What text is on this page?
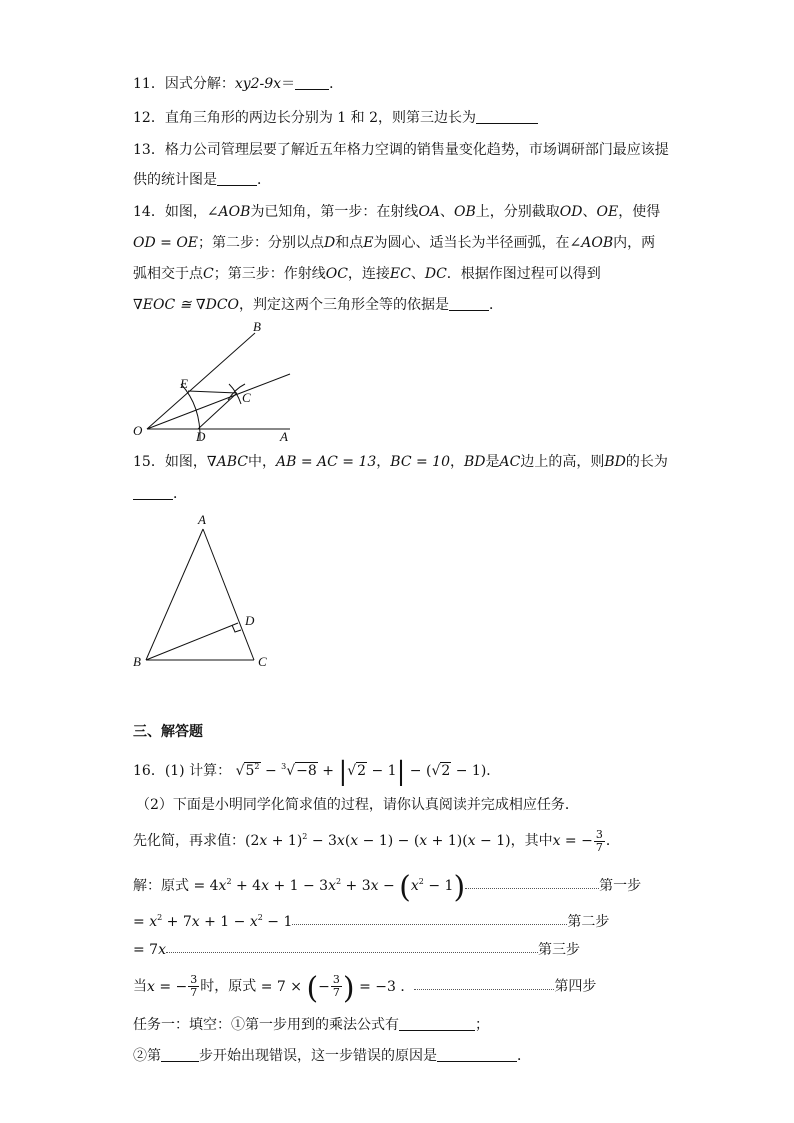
11．因式分解：xy2-9x＝ ．
12．直角三角形的两边长分别为 1 和 2，则第三边长为
13．格力公司管理层要了解近五年格力空调的销售量变化趋势，市场调研部门最应该提
供的统计图是	．
14．如图，∠AOB为已知角，第一步：在射线OA、OB上，分别截取OD、OE，使得
OD = OE；第二步：分别以点D和点E为圆心、适当长为半径画弧，在∠AOB内，两
弧相交于点C；第三步：作射线OC，连接EC、DC．根据作图过程可以得到
∇EOC ≅ ∇DCO，判定这两个三角形全等的依据是	．
B
E
C
O	D	A
15．如图，∇ABC中，AB = AC = 13，BC = 10，BD是AC边上的高，则BD的长为
．
A
D
B	C
三、解答题
16．(1) 计算： $√5^2 - ^3√-8 + |√2 - 1| - (√2 - 1)$．
（2）下面是小明同学化简求值的过程，请你认真阅读并完成相应任务．
先化简，再求值：$(2x + 1)^2 - 3x(x - 1) - (x + 1)(x - 1)$，其中x = − $\frac{3}{7}$ ．
解：原式 = $4x^2 + 4x + 1 - 3x^2 + 3x - (x^2 - 1)$	第一步
= $x^2 + 7x + 1 - x^2 - 1$	第二步
= 7x	第三步
当x = − $\frac{3}{7}$ 时，原式 = 7 × (− $\frac{3}{7}$ ) = −3 ．	第四步
任务一：填空：①第一步用到的乘法公式有	；
②第	步开始出现错误，这一步错误的原因是	．
